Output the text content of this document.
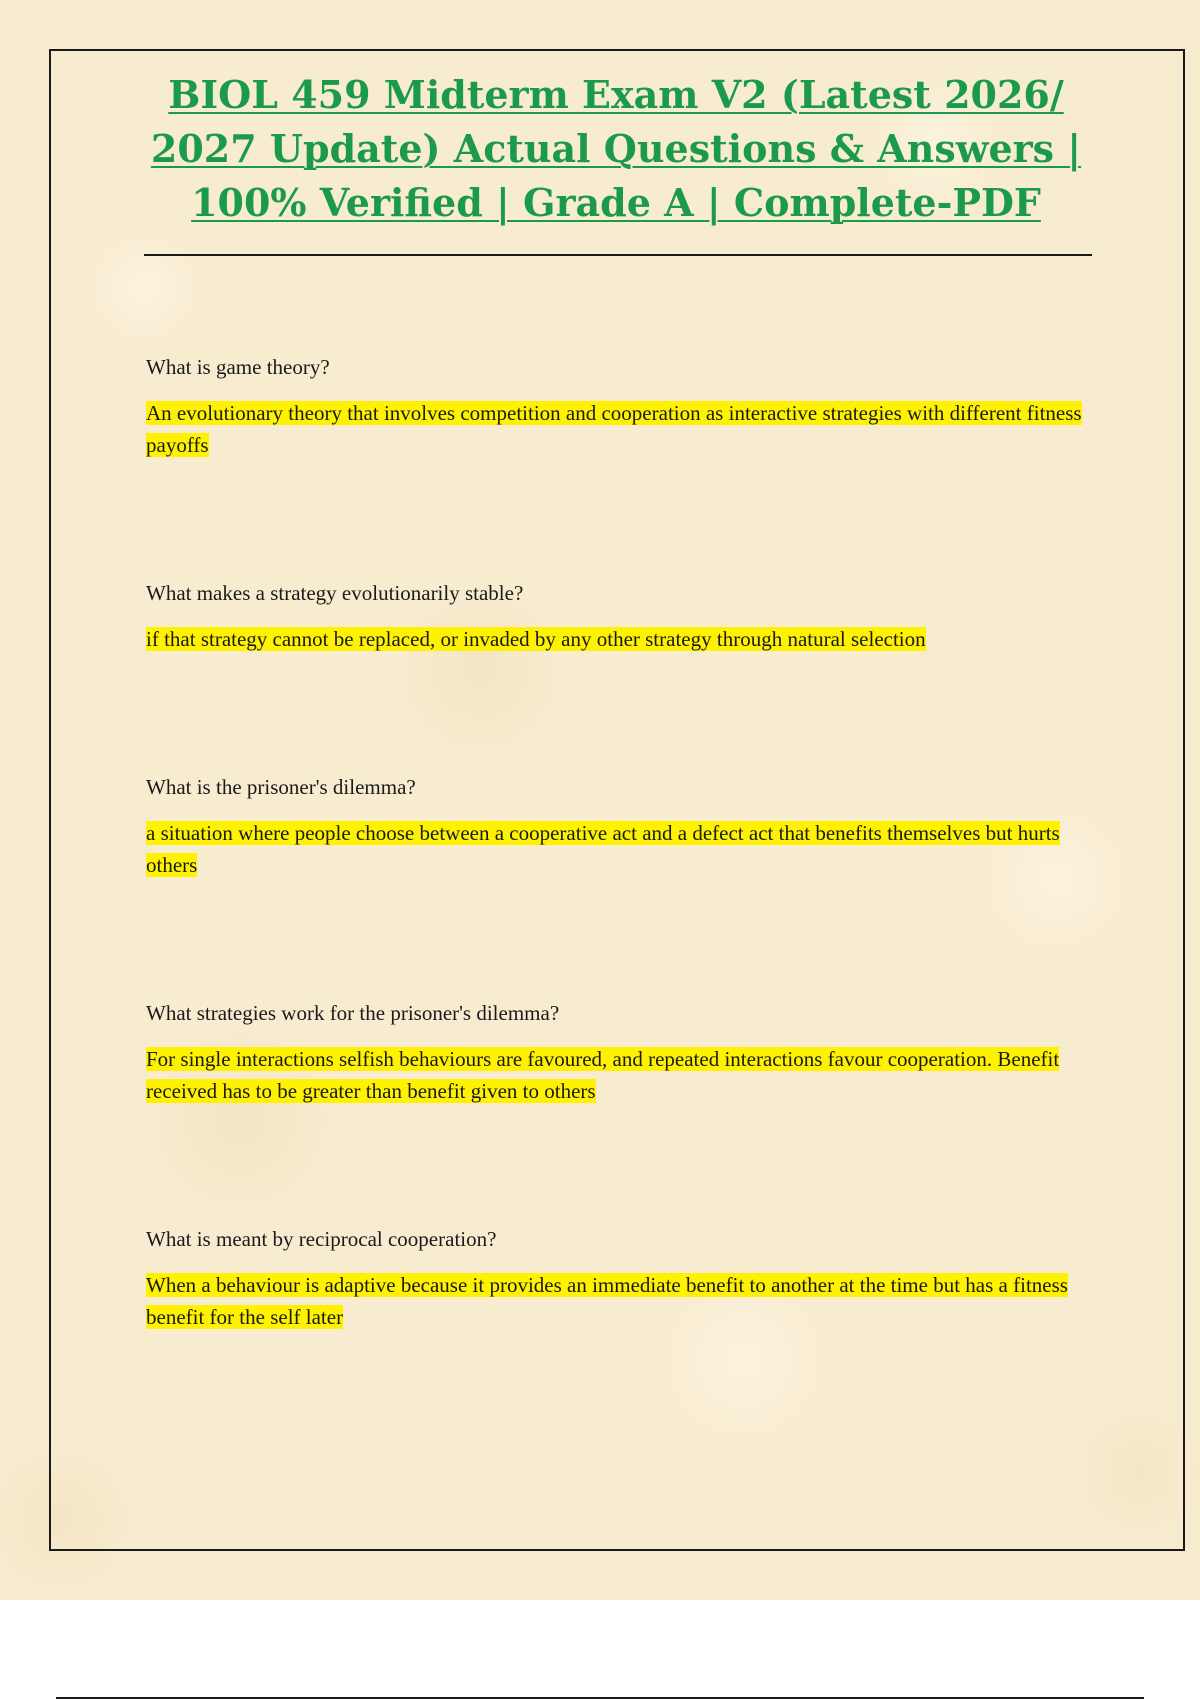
BIOL 459 Midterm Exam V2 (Latest 2026/ 2027 Update) Actual Questions & Answers | 100% Verified | Grade A | Complete-PDF

What is game theory?

An evolutionary theory that involves competition and cooperation as interactive strategies with different fitness payoffs

What makes a strategy evolutionarily stable?

if that strategy cannot be replaced, or invaded by any other strategy through natural selection

What is the prisoner's dilemma?

a situation where people choose between a cooperative act and a defect act that benefits themselves but hurts others

What strategies work for the prisoner's dilemma?

For single interactions selfish behaviours are favoured, and repeated interactions favour cooperation. Benefit received has to be greater than benefit given to others

What is meant by reciprocal cooperation?

When a behaviour is adaptive because it provides an immediate benefit to another at the time but has a fitness benefit for the self later
